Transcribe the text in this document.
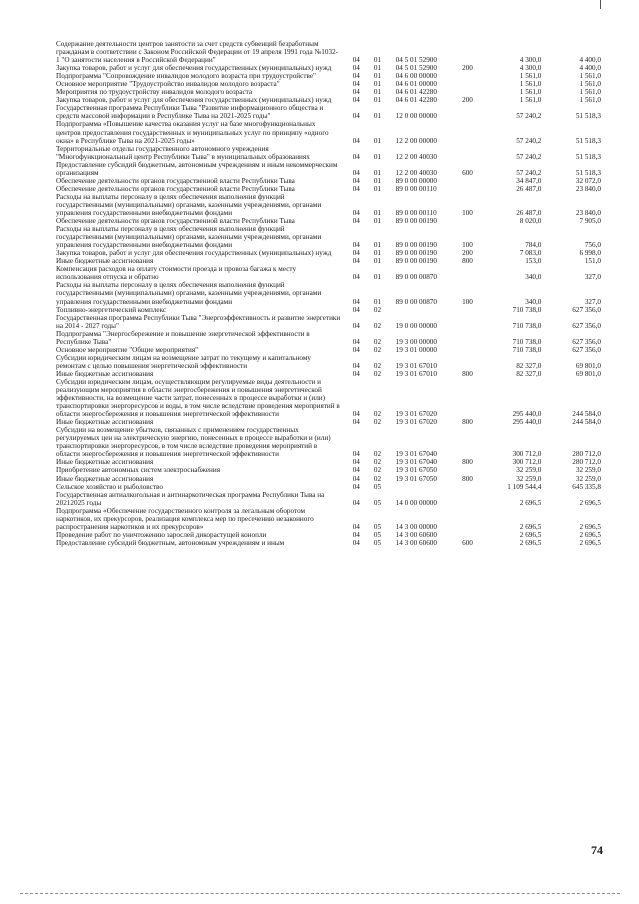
Содержание деятельности центров занятости за счет средств субвенций безработным гражданам в соответствии с Законом Российской Федерации от 19 апреля 1991 года №1032-1 "О занятости населения в Российской Федерации"	04	01	04 5 01 52900		4 300,0	4 400,0
Закупка товаров, работ и услуг для обеспечения государственных (муниципальных) нужд	04	01	04 5 01 52900	200	4 300,0	4 400,0
Подпрограмма "Сопровождение инвалидов молодого возраста при трудоустройстве"	04	01	04 6 00 00000		1 561,0	1 561,0
Основное мероприятие "Трудоустройство инвалидов молодого возраста"	04	01	04 6 01 00000		1 561,0	1 561,0
Мероприятия по трудоустройству инвалидов молодого возраста	04	01	04 6 01 42280		1 561,0	1 561,0
Закупка товаров, работ и услуг для обеспечения государственных (муниципальных) нужд	04	01	04 6 01 42280	200	1 561,0	1 561,0
Государственная программа Республики Тыва "Развитие информационного общества и средств массовой информации в Республике Тыва на 2021-2025 годы"	04	01	12 0 00 00000		57 240,2	51 518,3
Подпрограмма «Повышение качества оказания услуг на базе многофункциональных центров предоставления государственных и муниципальных услуг по принципу «одного окна» в Республике Тыва на 2021-2025 годы»	04	01	12 2 00 00000		57 240,2	51 518,3
Территориальные отделы государственного автономного учреждения "Многофункциональный центр Республики Тыва" в муниципальных образованиях	04	01	12 2 00 40030		57 240,2	51 518,3
Предоставление субсидий бюджетным, автономным учреждениям и иным некоммерческим организациям	04	01	12 2 00 40030	600	57 240,2	51 518,3
Обеспечение деятельности органов государственной власти Республики Тыва	04	01	89 0 00 00000		34 847,0	32 072,0
Обеспечение деятельности органов государственной власти Республики Тыва	04	01	89 0 00 00110		26 487,0	23 840,0
Расходы на выплаты персоналу в целях обеспечения выполнения функций государственными (муниципальными) органами, казенными учреждениями, органами управления государственными внебюджетными фондами	04	01	89 0 00 00110	100	26 487,0	23 840,0
Обеспечение деятельности органов государственной власти Республики Тыва	04	01	89 0 00 00190		8 020,0	7 905,0
Расходы на выплаты персоналу в целях обеспечения выполнения функций государственными (муниципальными) органами, казенными учреждениями, органами управления государственными внебюджетными фондами	04	01	89 0 00 00190	100	784,0	756,0
Закупка товаров, работ и услуг для обеспечения государственных (муниципальных) нужд	04	01	89 0 00 00190	200	7 083,0	6 998,0
Иные бюджетные ассигнования	04	01	89 0 00 00190	800	153,0	151,0
Компенсация расходов на оплату стоимости проезда и провоза багажа к месту использования отпуска и обратно	04	01	89 0 00 00870		340,0	327,0
Расходы на выплаты персоналу в целях обеспечения выполнения функций государственными (муниципальными) органами, казенными учреждениями, органами управления государственными внебюджетными фондами	04	01	89 0 00 00870	100	340,0	327,0
Топливно-энергетический комплекс	04	02			710 738,0	627 356,0
Государственная программа Республики Тыва "Энергоэффективность и развитие энергетики на 2014 - 2027 годы"	04	02	19 0 00 00000		710 738,0	627 356,0
Подпрограмма "Энергосбережение и повышение энергетической эффективности в Республике Тыва"	04	02	19 3 00 00000		710 738,0	627 356,0
Основное мероприятие "Общие мероприятия"	04	02	19 3 01 00000		710 738,0	627 356,0
Субсидии юридическим лицам на возмещение затрат по текущему и капитальному ремонтам с целью повышения энергетической эффективности	04	02	19 3 01 67010		82 327,0	69 801,0
Иные бюджетные ассигнования	04	02	19 3 01 67010	800	82 327,0	69 801,0
Субсидии юридическим лицам, осуществляющим регулируемые виды деятельности и реализующим мероприятия в области энергосбережения и повышения энергетической эффективности, на возмещение части затрат, понесенных в процессе выработки и (или) транспортировки энергоресурсов и воды, в том числе вследствие проведения мероприятий в области энергосбережения и повышения энергетической эффективности	04	02	19 3 01 67020		295 440,0	244 584,0
Иные бюджетные ассигнования	04	02	19 3 01 67020	800	295 440,0	244 584,0
Субсидии на возмещение убытков, связанных с применением государственных регулируемых цен на электрическую энергию, понесенных в процессе выработки и (или) транспортировки энергоресурсов, в том числе вследствие проведения мероприятий в области энергосбережения и повышения энергетической эффективности	04	02	19 3 01 67040		300 712,0	280 712,0
Иные бюджетные ассигнования	04	02	19 3 01 67040	800	300 712,0	280 712,0
Приобретение автономных систем электроснабжения	04	02	19 3 01 67050		32 259,0	32 259,0
Иные бюджетные ассигнования	04	02	19 3 01 67050	800	32 259,0	32 259,0
Сельское хозяйство и рыболовство	04	05			1 109 544,4	645 335,8
Государственная антиалкогольная и антинаркотическая программа Республики Тыва на 20212025 годы	04	05	14 0 00 00000		2 696,5	2 696,5
Подпрограмма «Обеспечение государственного контроля за легальным оборотом наркотиков, их прекурсоров, реализация комплекса мер по пресечению незаконного распространения наркотиков и их прекурсоров»	04	05	14 3 00 00000		2 696,5	2 696,5
Проведение работ по уничтожению зарослей дикорастущей конопли	04	05	14 3 00 60600		2 696,5	2 696,5
Предоставление субсидий бюджетным, автономным учреждениям и иным	04	05	14 3 00 60600	600	2 696,5	2 696,5
74
